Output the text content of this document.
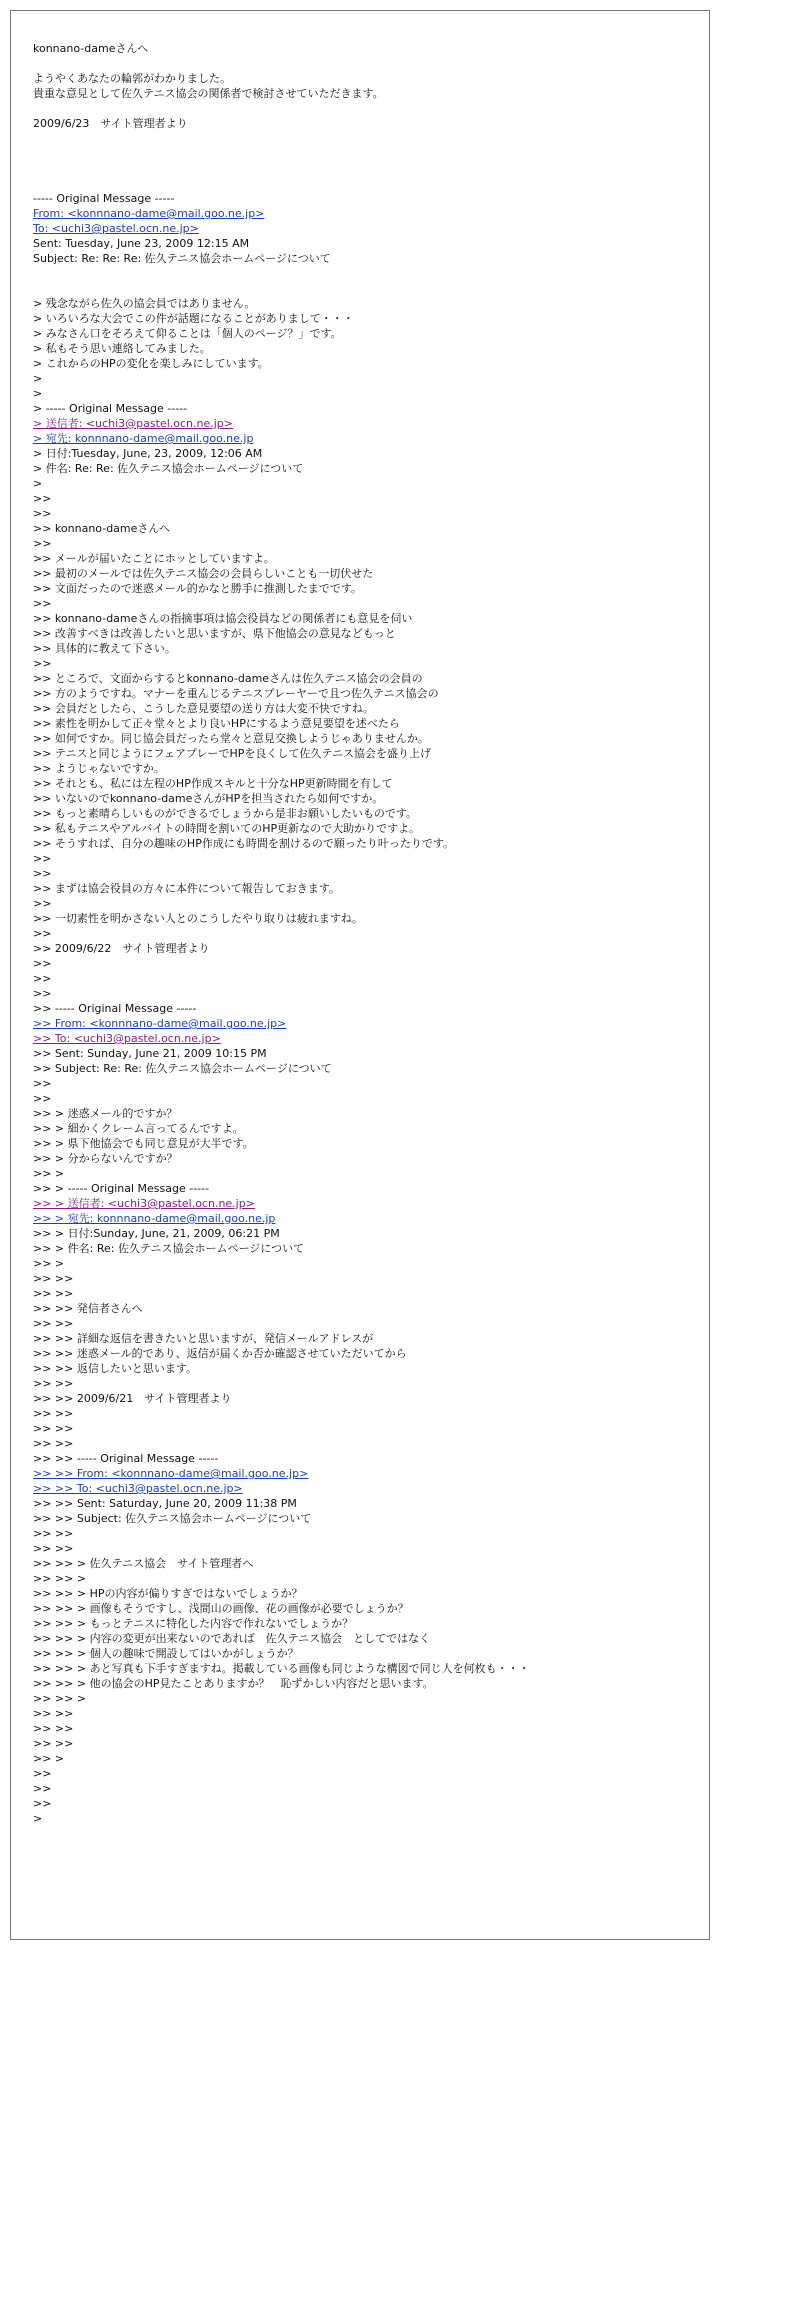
konnano-dameさんへ
ようやくあなたの輪郭がわかりました。
貴重な意見として佐久テニス協会の関係者で検討させていただきます。
2009/6/23　サイト管理者より
----- Original Message -----
From: <konnnano-dame@mail.goo.ne.jp>
To: <uchi3@pastel.ocn.ne.jp>
Sent: Tuesday, June 23, 2009 12:15 AM
Subject: Re: Re: Re: 佐久テニス協会ホームページについて
> 残念ながら佐久の協会員ではありません。
> いろいろな大会でこの件が話題になることがありまして・・・
> みなさん口をそろえて仰ることは「個人のページ？」です。
> 私もそう思い連絡してみました。
> これからのHPの変化を楽しみにしています。
>
>
> ----- Original Message -----
> 送信者: <uchi3@pastel.ocn.ne.jp>
> 宛先: konnnano-dame@mail.goo.ne.jp
> 日付:Tuesday, June, 23, 2009, 12:06 AM
> 件名: Re: Re: 佐久テニス協会ホームページについて
>
>>
>>
>> konnano-dameさんへ
>>
>> メールが届いたことにホッとしていますよ。
>> 最初のメールでは佐久テニス協会の会員らしいことも一切伏せた
>> 文面だったので迷惑メール的かなと勝手に推測したまでです。
>>
>> konnano-dameさんの指摘事項は協会役員などの関係者にも意見を伺い
>> 改善すべきは改善したいと思いますが、県下他協会の意見などもっと
>> 具体的に教えて下さい。
>>
>> ところで、文面からするとkonnano-dameさんは佐久テニス協会の会員の
>> 方のようですね。マナーを重んじるテニスプレーヤーで且つ佐久テニス協会の
>> 会員だとしたら、こうした意見要望の送り方は大変不快ですね。
>> 素性を明かして正々堂々とより良いHPにするよう意見要望を述べたら
>> 如何ですか。同じ協会員だったら堂々と意見交換しようじゃありませんか。
>> テニスと同じようにフェアプレーでHPを良くして佐久テニス協会を盛り上げ
>> ようじゃないですか。
>> それとも、私には左程のHP作成スキルと十分なHP更新時間を有して
>> いないのでkonnano-dameさんがHPを担当されたら如何ですか。
>> もっと素晴らしいものができるでしょうから是非お願いしたいものです。
>> 私もテニスやアルバイトの時間を割いてのHP更新なので大助かりですよ。
>> そうすれば、自分の趣味のHP作成にも時間を割けるので願ったり叶ったりです。
>>
>>
>> まずは協会役員の方々に本件について報告しておきます。
>>
>> 一切素性を明かさない人とのこうしたやり取りは疲れますね。
>>
>> 2009/6/22　サイト管理者より
>>
>>
>>
>> ----- Original Message -----
>> From: <konnnano-dame@mail.goo.ne.jp>
>> To: <uchi3@pastel.ocn.ne.jp>
>> Sent: Sunday, June 21, 2009 10:15 PM
>> Subject: Re: Re: 佐久テニス協会ホームページについて
>>
>>
>> > 迷惑メール的ですか？
>> > 細かくクレーム言ってるんですよ。
>> > 県下他協会でも同じ意見が大半です。
>> > 分からないんですか？
>> >
>> > ----- Original Message -----
>> > 送信者: <uchi3@pastel.ocn.ne.jp>
>> > 宛先: konnnano-dame@mail.goo.ne.jp
>> > 日付:Sunday, June, 21, 2009, 06:21 PM
>> > 件名: Re: 佐久テニス協会ホームページについて
>> >
>> >>
>> >>
>> >> 発信者さんへ
>> >>
>> >> 詳細な返信を書きたいと思いますが、発信メールアドレスが
>> >> 迷惑メール的であり、返信が届くか否か確認させていただいてから
>> >> 返信したいと思います。
>> >>
>> >> 2009/6/21　サイト管理者より
>> >>
>> >>
>> >>
>> >> ----- Original Message -----
>> >> From: <konnnano-dame@mail.goo.ne.jp>
>> >> To: <uchi3@pastel.ocn.ne.jp>
>> >> Sent: Saturday, June 20, 2009 11:38 PM
>> >> Subject: 佐久テニス協会ホームページについて
>> >>
>> >>
>> >> > 佐久テニス協会　サイト管理者へ
>> >> >
>> >> > HPの内容が偏りすぎではないでしょうか？
>> >> > 画像もそうですし、浅間山の画像、花の画像が必要でしょうか？
>> >> > もっとテニスに特化した内容で作れないでしょうか？
>> >> > 内容の変更が出来ないのであれば　佐久テニス協会　としてではなく
>> >> > 個人の趣味で開設してはいかがしょうか？
>> >> > あと写真も下手すぎますね。掲載している画像も同じような構図で同じ人を何枚も・・・
>> >> > 他の協会のHP見たことありますか？　恥ずかしい内容だと思います。
>> >> >
>> >>
>> >>
>> >>
>> >
>>
>>
>>
>
